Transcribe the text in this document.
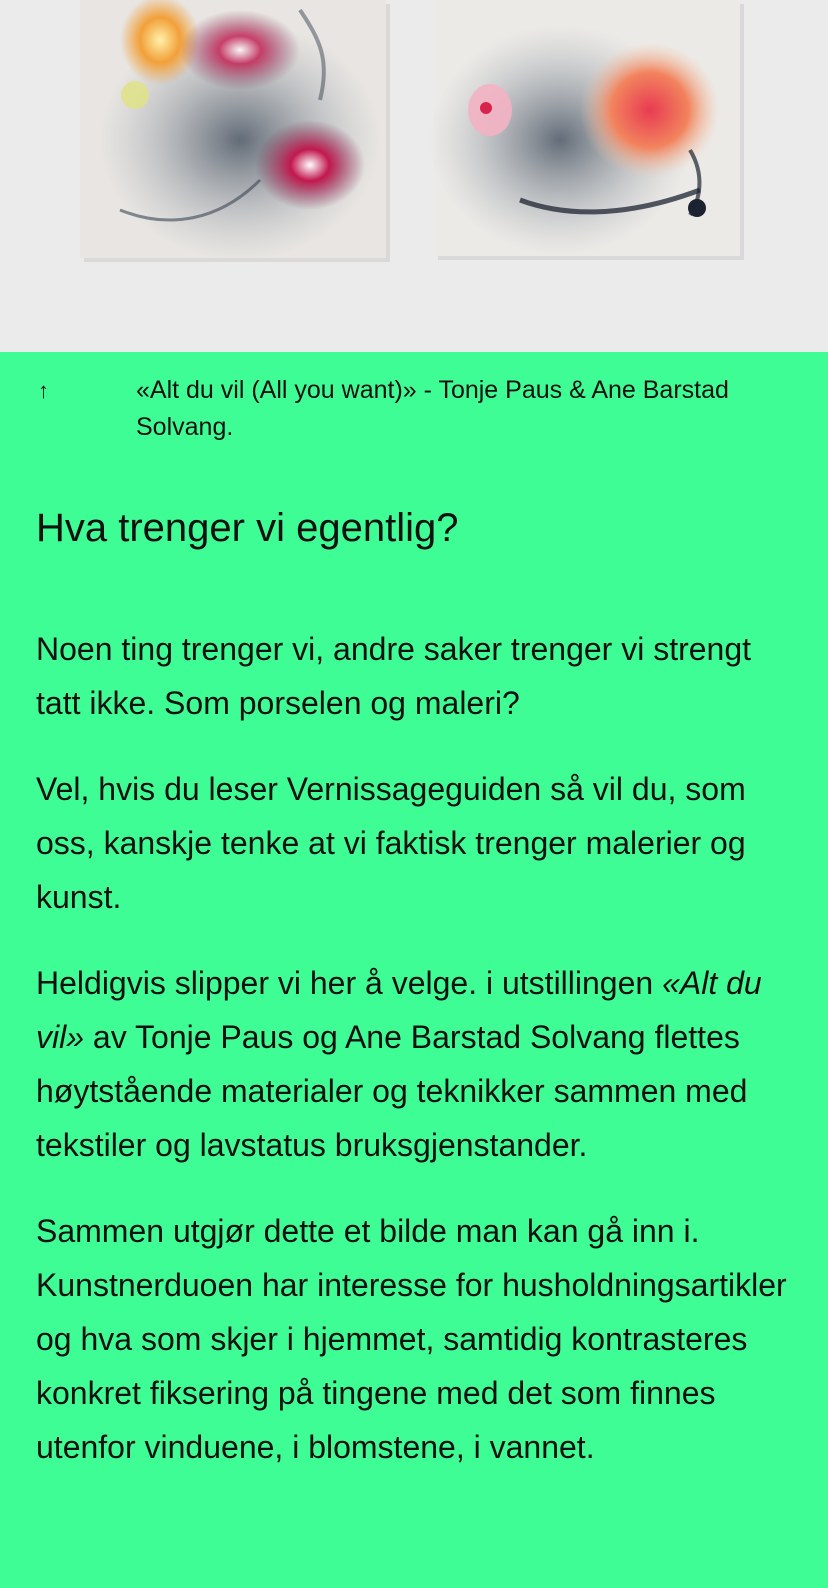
↑	«Alt du vil (All you want)» - Tonje Paus & Ane Barstad Solvang.
Hva trenger vi egentlig?

Noen ting trenger vi, andre saker trenger vi strengt tatt ikke. Som porselen og maleri?

Vel, hvis du leser Vernissageguiden så vil du, som oss, kanskje tenke at vi faktisk trenger malerier og kunst.

Heldigvis slipper vi her å velge. i utstillingen «Alt du vil» av Tonje Paus og Ane Barstad Solvang flettes høytstående materialer og teknikker sammen med tekstiler og lavstatus bruksgjenstander.

Sammen utgjør dette et bilde man kan gå inn i. Kunstnerduoen har interesse for husholdningsartikler og hva som skjer i hjemmet, samtidig kontrasteres konkret fiksering på tingene med det som finnes utenfor vinduene, i blomstene, i vannet.
